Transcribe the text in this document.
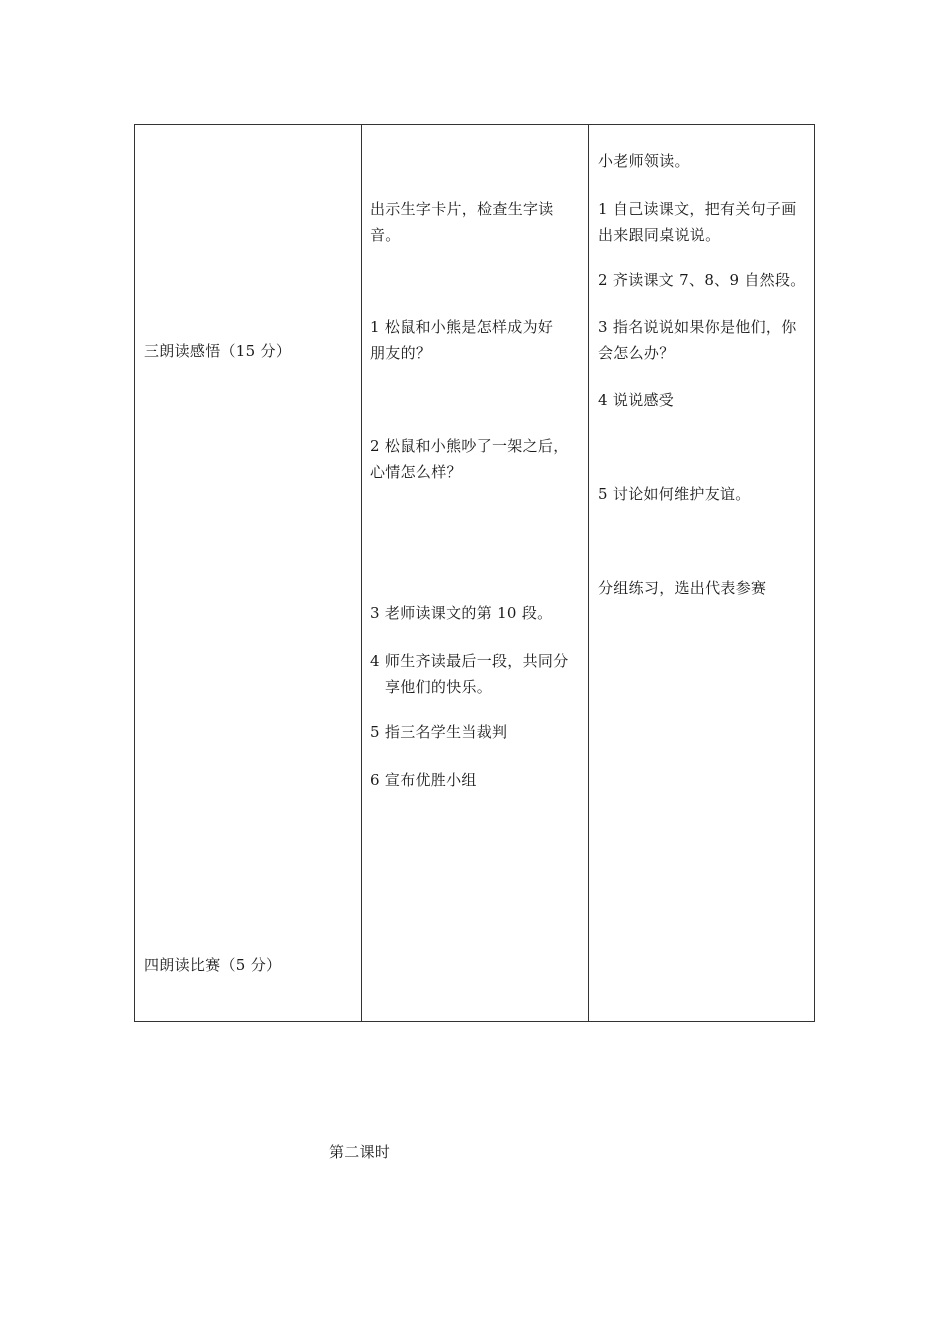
三朗读感悟（15 分）
四朗读比赛（5 分）
出示生字卡片，检查生字读
音。
1 松鼠和小熊是怎样成为好
朋友的？
2 松鼠和小熊吵了一架之后，
心情怎么样？
3 老师读课文的第 10 段。
4 师生齐读最后一段，共同分
享他们的快乐。
5 指三名学生当裁判
6 宣布优胜小组
小老师领读。
1 自己读课文，把有关句子画
出来跟同桌说说。
2 齐读课文 7、8、9 自然段。
3 指名说说如果你是他们，你
会怎么办？
4 说说感受
5 讨论如何维护友谊。
分组练习，选出代表参赛
第二课时
